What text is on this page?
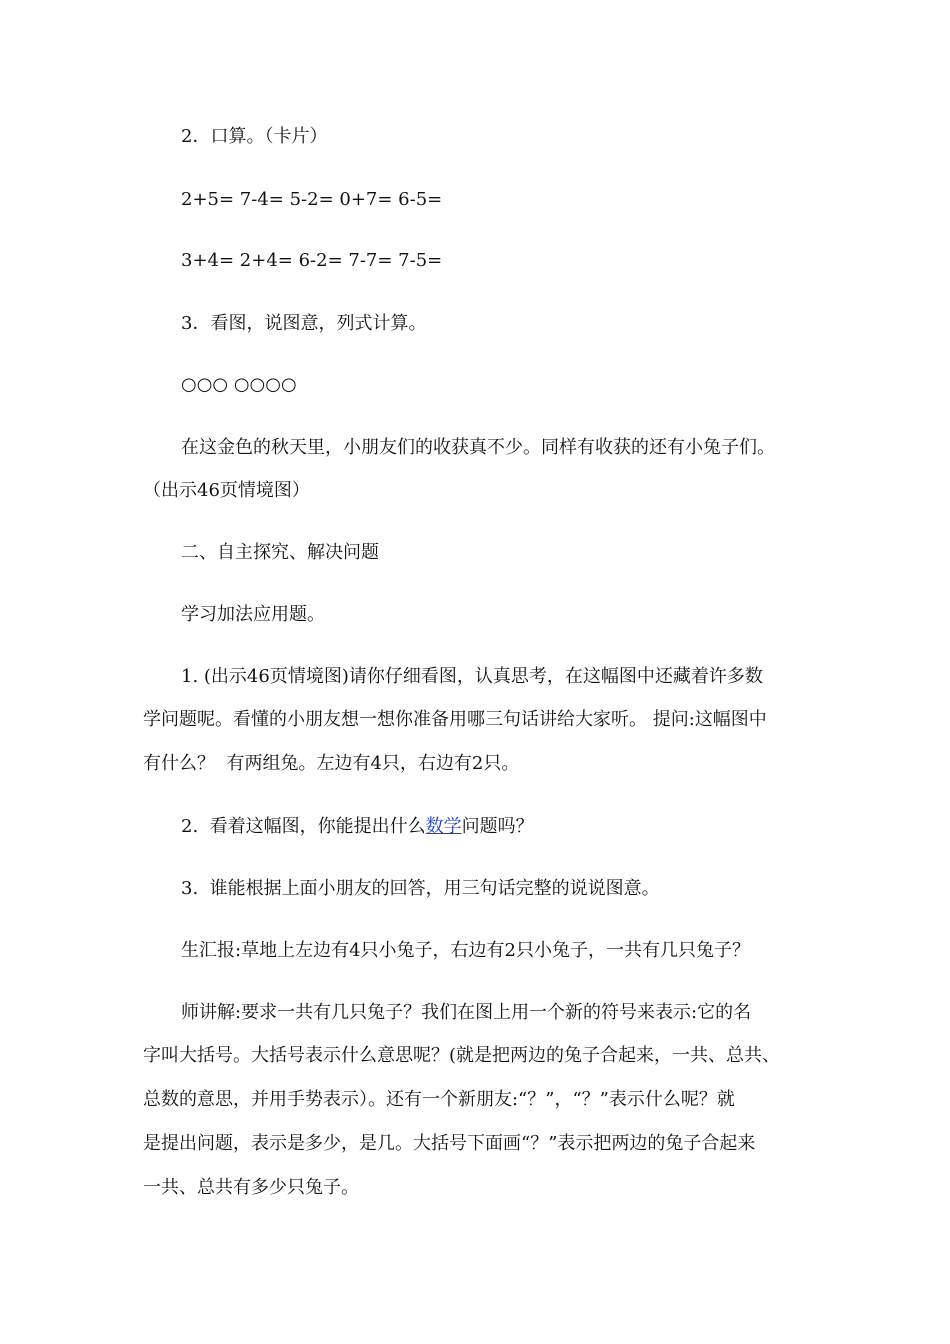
2．口算。（卡片）
2+5= 7-4= 5-2= 0+7= 6-5=
3+4= 2+4= 6-2= 7-7= 7-5=
3．看图，说图意，列式计算。
○○○ ○○○○
在这金色的秋天里，小朋友们的收获真不少。同样有收获的还有小兔子们。
（出示46页情境图）
二、自主探究、解决问题
学习加法应用题。
1. (出示46页情境图)请你仔细看图，认真思考，在这幅图中还藏着许多数
学问题呢。看懂的小朋友想一想你准备用哪三句话讲给大家听。 提问:这幅图中
有什么？  有两组兔。左边有4只，右边有2只。
2.  看着这幅图，你能提出什么数学问题吗？
3.  谁能根据上面小朋友的回答，用三句话完整的说说图意。
生汇报:草地上左边有4只小兔子，右边有2只小兔子，一共有几只兔子？
师讲解:要求一共有几只兔子？我们在图上用一个新的符号来表示:它的名
字叫大括号。大括号表示什么意思呢？(就是把两边的兔子合起来，一共、总共、
总数的意思，并用手势表示）。还有一个新朋友:“？”，“？”表示什么呢？就
是提出问题，表示是多少，是几。大括号下面画“？”表示把两边的兔子合起来
一共、总共有多少只兔子。
